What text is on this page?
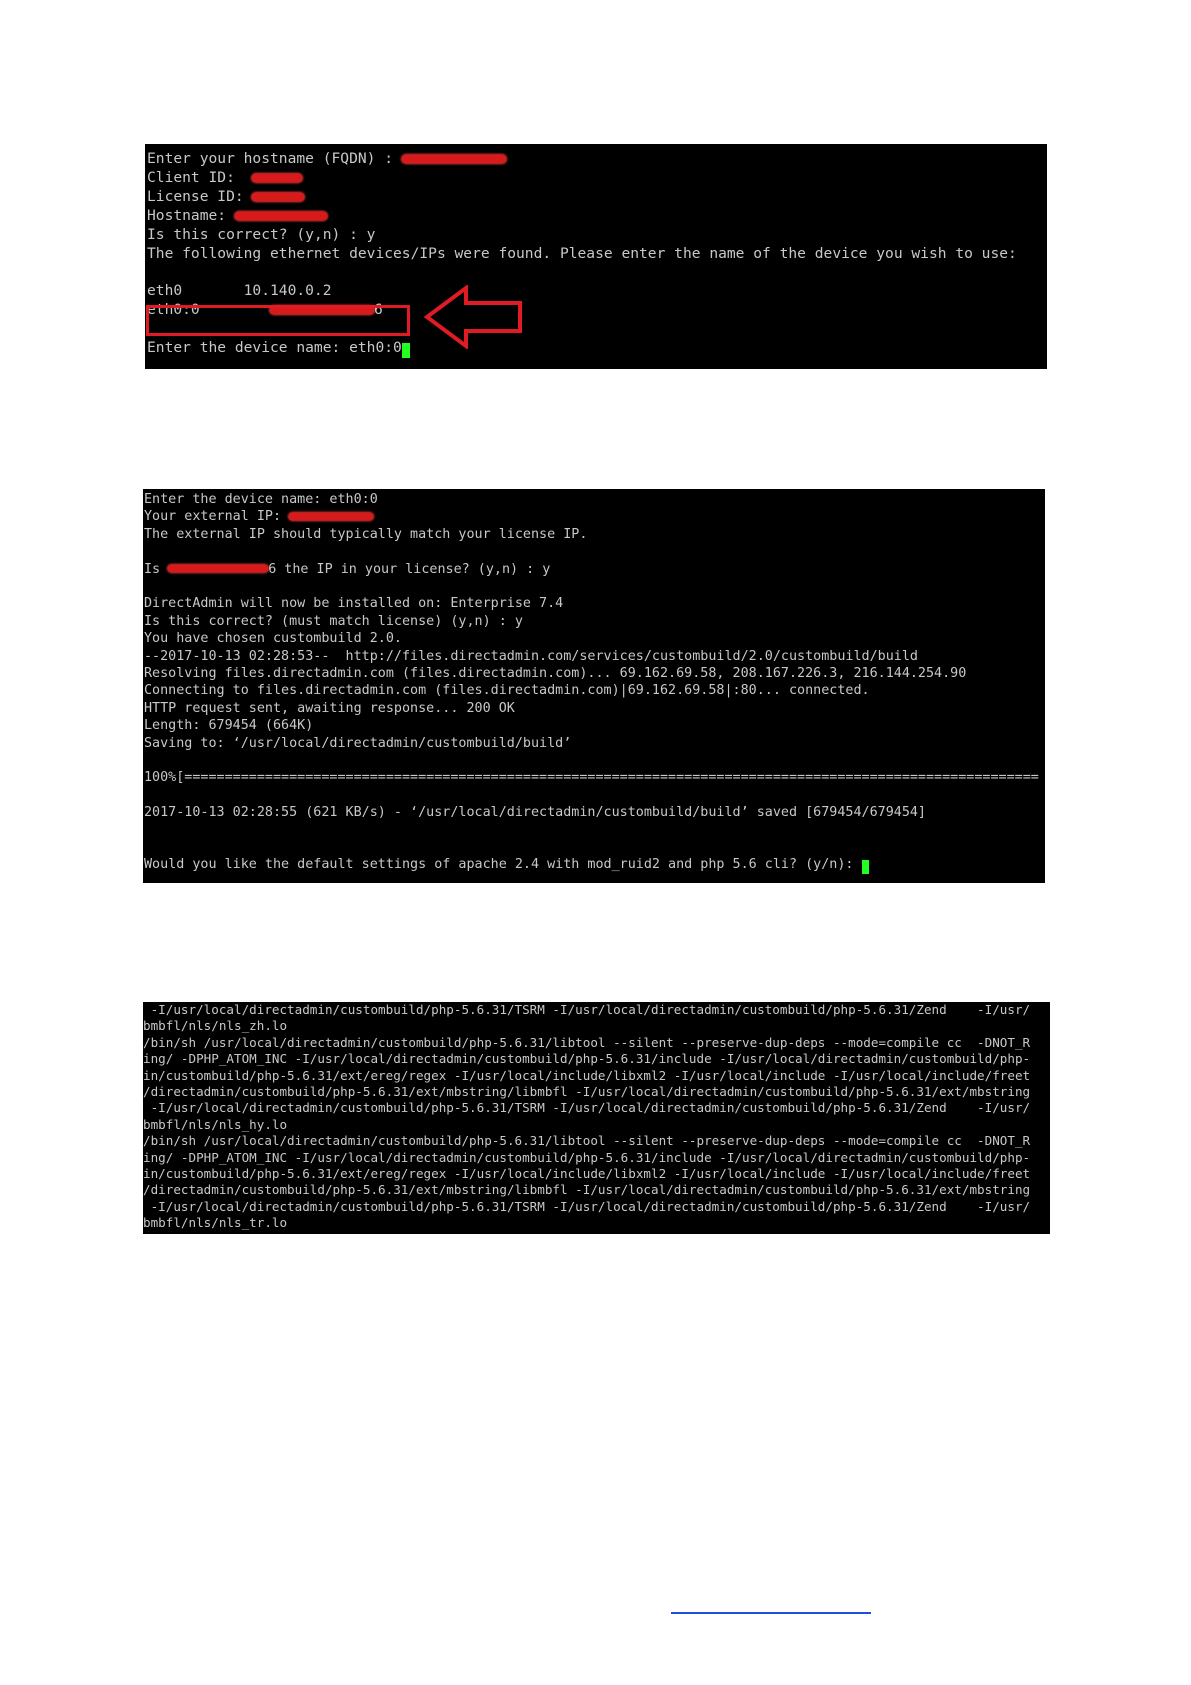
Enter your hostname (FQDN) :
Client ID:
License ID:
Hostname:
Is this correct? (y,n) : y
The following ethernet devices/IPs were found. Please enter the name of the device you wish to use:
eth0       10.140.0.2
eth0:0	6
Enter the device name: eth0:0
Enter the device name: eth0:0
Your external IP:
The external IP should typically match your license IP.
Is	6 the IP in your license? (y,n) : y
DirectAdmin will now be installed on: Enterprise 7.4
Is this correct? (must match license) (y,n) : y
You have chosen custombuild 2.0.
--2017-10-13 02:28:53--  http://files.directadmin.com/services/custombuild/2.0/custombuild/build
Resolving files.directadmin.com (files.directadmin.com)... 69.162.69.58, 208.167.226.3, 216.144.254.90
Connecting to files.directadmin.com (files.directadmin.com)|69.162.69.58|:80... connected.
HTTP request sent, awaiting response... 200 OK
Length: 679454 (664K)
Saving to: ‘/usr/local/directadmin/custombuild/build’
100%[==========================================================================================================
2017-10-13 02:28:55 (621 KB/s) - ‘/usr/local/directadmin/custombuild/build’ saved [679454/679454]
Would you like the default settings of apache 2.4 with mod_ruid2 and php 5.6 cli? (y/n):
-I/usr/local/directadmin/custombuild/php-5.6.31/TSRM -I/usr/local/directadmin/custombuild/php-5.6.31/Zend    -I/usr/
bmbfl/nls/nls_zh.lo
/bin/sh /usr/local/directadmin/custombuild/php-5.6.31/libtool --silent --preserve-dup-deps --mode=compile cc  -DNOT_R
ing/ -DPHP_ATOM_INC -I/usr/local/directadmin/custombuild/php-5.6.31/include -I/usr/local/directadmin/custombuild/php-
in/custombuild/php-5.6.31/ext/ereg/regex -I/usr/local/include/libxml2 -I/usr/local/include -I/usr/local/include/freet
/directadmin/custombuild/php-5.6.31/ext/mbstring/libmbfl -I/usr/local/directadmin/custombuild/php-5.6.31/ext/mbstring
-I/usr/local/directadmin/custombuild/php-5.6.31/TSRM -I/usr/local/directadmin/custombuild/php-5.6.31/Zend    -I/usr/
bmbfl/nls/nls_hy.lo
/bin/sh /usr/local/directadmin/custombuild/php-5.6.31/libtool --silent --preserve-dup-deps --mode=compile cc  -DNOT_R
ing/ -DPHP_ATOM_INC -I/usr/local/directadmin/custombuild/php-5.6.31/include -I/usr/local/directadmin/custombuild/php-
in/custombuild/php-5.6.31/ext/ereg/regex -I/usr/local/include/libxml2 -I/usr/local/include -I/usr/local/include/freet
/directadmin/custombuild/php-5.6.31/ext/mbstring/libmbfl -I/usr/local/directadmin/custombuild/php-5.6.31/ext/mbstring
-I/usr/local/directadmin/custombuild/php-5.6.31/TSRM -I/usr/local/directadmin/custombuild/php-5.6.31/Zend    -I/usr/
bmbfl/nls/nls_tr.lo
